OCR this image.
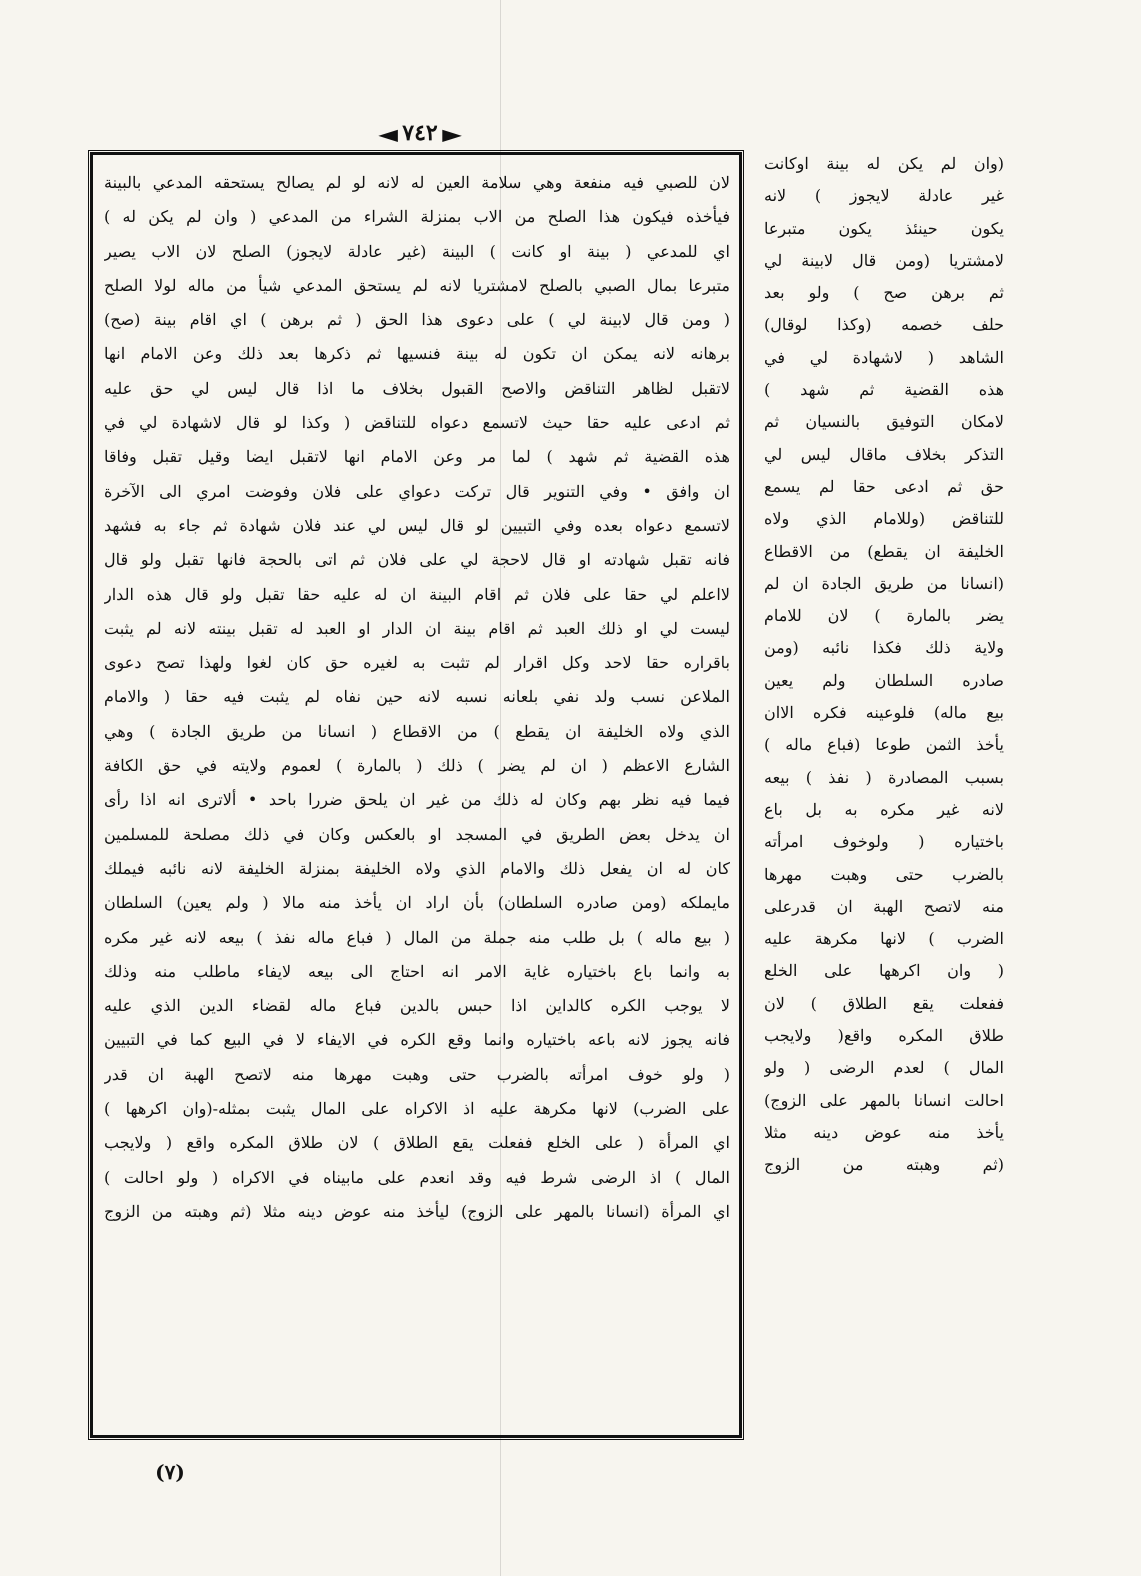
◀ ٧٤٢ ▶
لان للصبي فيه منفعة وهي سلامة العين له لانه لو لم يصالح يستحقه المدعي بالبينة
فيأخذه فيكون هذا الصلح من الاب بمنزلة الشراء من المدعي ( وان لم يكن له )
اي للمدعي ( بينة او كانت ) البينة (غير عادلة لايجوز) الصلح لان الاب يصير
متبرعا بمال الصبي بالصلح لامشتريا لانه لم يستحق المدعي شيأ من ماله لولا الصلح
( ومن قال لابينة لي ) على دعوى هذا الحق ( ثم برهن ) اي اقام بينة (صح)
برهانه لانه يمكن ان تكون له بينة فنسيها ثم ذكرها بعد ذلك وعن الامام انها
لاتقبل لظاهر التناقض والاصح القبول بخلاف ما اذا قال ليس لي حق عليه
ثم ادعى عليه حقا حيث لاتسمع دعواه للتناقض ( وكذا لو قال لاشهادة لي في
هذه القضية ثم شهد ) لما مر وعن الامام انها لاتقبل ايضا وقيل تقبل وفاقا
ان وافق • وفي التنوير قال تركت دعواي على فلان وفوضت امري الى الآخرة
لاتسمع دعواه بعده وفي التبيين لو قال ليس لي عند فلان شهادة ثم جاء به فشهد
فانه تقبل شهادته او قال لاحجة لي على فلان ثم اتى بالحجة فانها تقبل ولو قال
لااعلم لي حقا على فلان ثم اقام البينة ان له عليه حقا تقبل ولو قال هذه الدار
ليست لي او ذلك العبد ثم اقام بينة ان الدار او العبد له تقبل بينته لانه لم يثبت
باقراره حقا لاحد وكل اقرار لم تثبت به لغيره حق كان لغوا ولهذا تصح دعوى
الملاعن نسب ولد نفي بلعانه نسبه لانه حين نفاه لم يثبت فيه حقا ( والامام
الذي ولاه الخليفة ان يقطع ) من الاقطاع ( انسانا من طريق الجادة ) وهي
الشارع الاعظم ( ان لم يضر ) ذلك ( بالمارة ) لعموم ولايته في حق الكافة
فيما فيه نظر بهم وكان له ذلك من غير ان يلحق ضررا باحد • ألاترى انه اذا رأى
ان يدخل بعض الطريق في المسجد او بالعكس وكان في ذلك مصلحة للمسلمين
كان له ان يفعل ذلك والامام الذي ولاه الخليفة بمنزلة الخليفة لانه نائبه فيملك
مايملكه (ومن صادره السلطان) بأن اراد ان يأخذ منه مالا ( ولم يعين) السلطان
( بيع ماله ) بل طلب منه جملة من المال ( فباع ماله نفذ ) بيعه لانه غير مكره
به وانما باع باختياره غاية الامر انه احتاج الى بيعه لايفاء ماطلب منه وذلك
لا يوجب الكره كالداين اذا حبس بالدين فباع ماله لقضاء الدين الذي عليه
فانه يجوز لانه باعه باختياره وانما وقع الكره في الايفاء لا في البيع كما في التبيين
( ولو خوف امرأته بالضرب حتى وهبت مهرها منه لاتصح الهبة ان قدر
على الضرب) لانها مكرهة عليه اذ الاكراه على المال يثبت بمثله-(وان اكرهها )
اي المرأة ( على الخلع ففعلت يقع الطلاق ) لان طلاق المكره واقع ( ولايجب
المال ) اذ الرضى شرط فيه وقد انعدم على مابيناه في الاكراه ( ولو احالت )
اي المرأة (انسانا بالمهر على الزوج) ليأخذ منه عوض دينه مثلا (ثم وهبته من الزوج
(وان لم يكن له بينة اوكانت
غير عادلة لايجوز ) لانه
يكون حينئذ يكون متبرعا
لامشتريا (ومن قال لابينة لي
ثم برهن صح ) ولو بعد
حلف خصمه (وكذا لوقال)
الشاهد ( لاشهادة لي في
هذه القضية ثم شهد )
لامكان التوفيق بالنسيان ثم
التذكر بخلاف ماقال ليس لي
حق ثم ادعى حقا لم يسمع
للتناقض (وللامام الذي ولاه
الخليفة ان يقطع) من الاقطاع
(انسانا من طريق الجادة ان لم
يضر بالمارة ) لان للامام
ولاية ذلك فكذا نائبه (ومن
صادره السلطان ولم يعين
بيع ماله) فلوعينه فكره الاان
يأخذ الثمن طوعا (فباع ماله )
بسبب المصادرة ( نفذ ) بيعه
لانه غير مكره به بل باع
باختياره ( ولوخوف امرأته
بالضرب حتى وهبت مهرها
منه لاتصح الهبة ان قدرعلى
الضرب ) لانها مكرهة عليه
( وان اكرهها على الخلع
ففعلت يقع الطلاق ) لان
طلاق المكره واقع( ولايجب
المال ) لعدم الرضى ( ولو
احالت انسانا بالمهر على الزوج)
يأخذ منه عوض دينه مثلا
(ثم وهبته من الزوج
(٧)
